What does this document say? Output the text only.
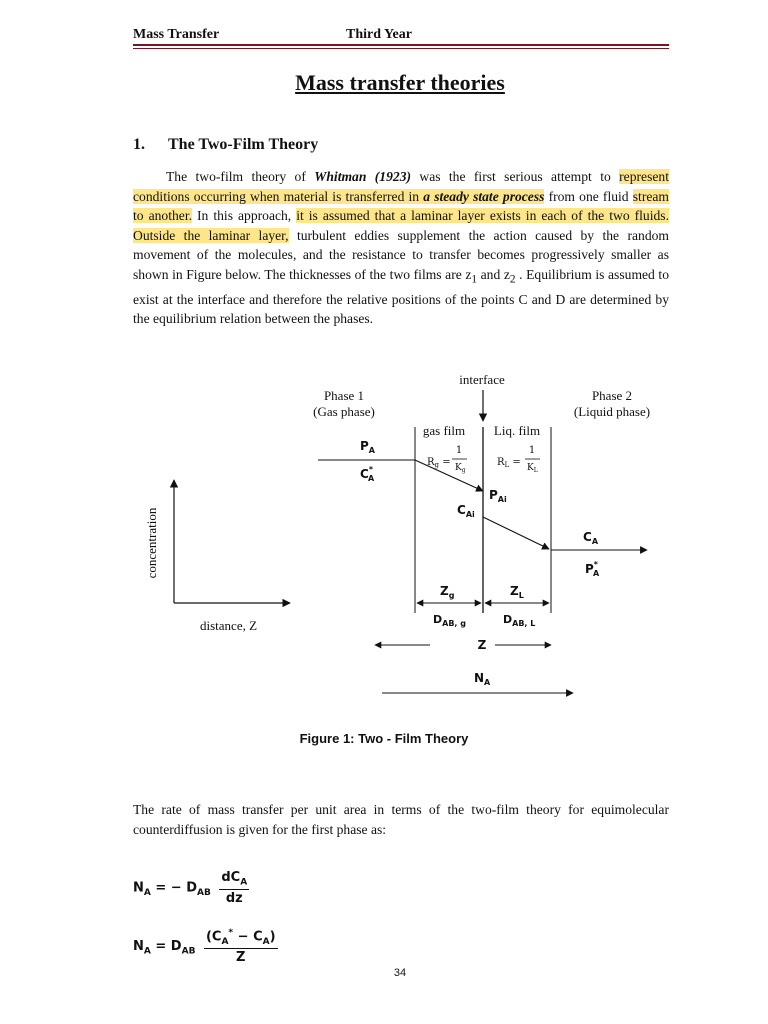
Mass Transfer	Third Year
Mass transfer theories
1. The Two-Film Theory
The two-film theory of Whitman (1923) was the first serious attempt to represent conditions occurring when material is transferred in a steady state process from one fluid stream to another. In this approach, it is assumed that a laminar layer exists in each of the two fluids. Outside the laminar layer, turbulent eddies supplement the action caused by the random movement of the molecules, and the resistance to transfer becomes progressively smaller as shown in Figure below. The thicknesses of the two films are $z_1$ and $z_2$ . Equilibrium is assumed to exist at the interface and therefore the relative positions of the points C and D are determined by the equilibrium relation between the phases.
interface
Phase 1
(Gas phase)
Phase 2
(Liquid phase)
gas film Liq. film
$P_A$
C* A
$R_g$ =
1
$K_g$
$R_L$ =
1
$K_L$
$P_{Ai}$
$C_{Ai}$
$C_A$
P* A
concentration
distance, Z
$Z_g$	$Z_L$
$D_{AB, g}$	$D_{AB, L}$
Z
$N_A$
Figure 1: Two - Film Theory
The rate of mass transfer per unit area in terms of the two-film theory for equimolecular counterdiffusion is given for the first phase as:
$N_A$ = − $D_{AB} \frac{dC_A}{dz}$
$N_A = D_{AB} \frac{(C_A^* - C_A)}{Z}$
34
